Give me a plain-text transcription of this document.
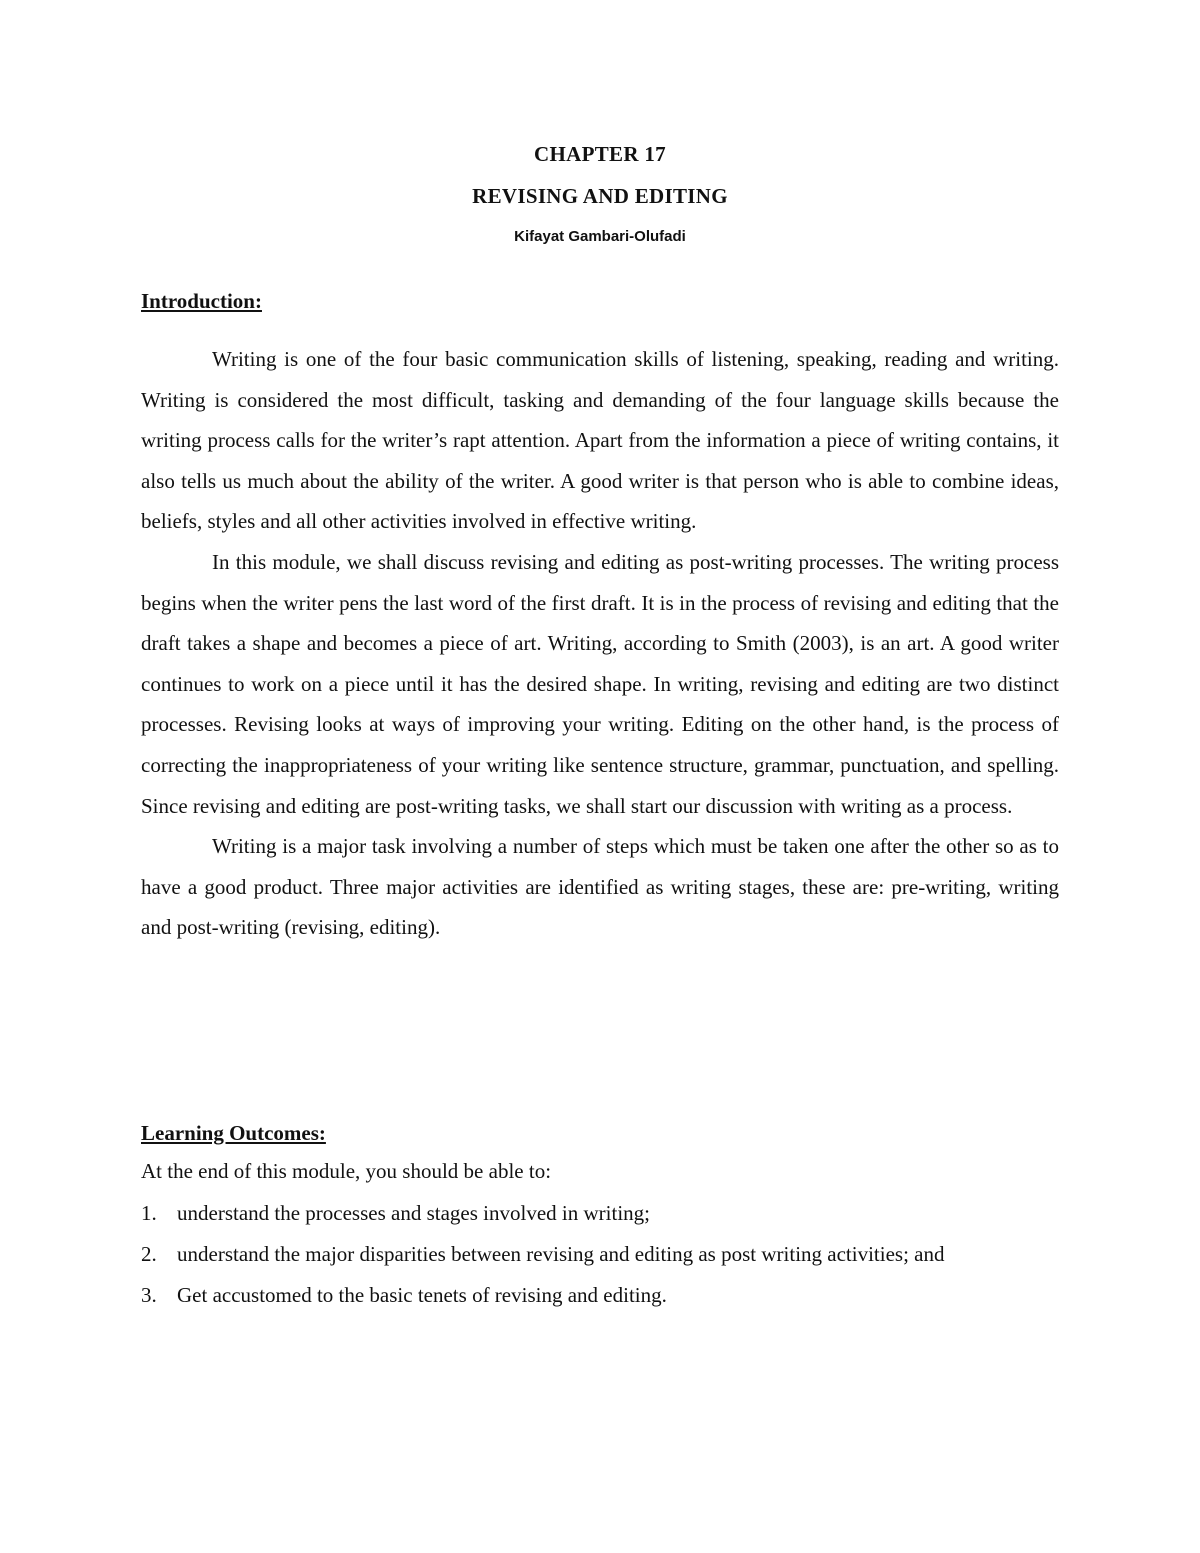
CHAPTER 17
REVISING AND EDITING
Kifayat Gambari-Olufadi
Introduction:

Writing is one of the four basic communication skills of listening, speaking, reading and writing. Writing is considered the most difficult, tasking and demanding of the four language skills because the writing process calls for the writer’s rapt attention. Apart from the information a piece of writing contains, it also tells us much about the ability of the writer. A good writer is that person who is able to combine ideas, beliefs, styles and all other activities involved in effective writing.

In this module, we shall discuss revising and editing as post-writing processes. The writing process begins when the writer pens the last word of the first draft. It is in the process of revising and editing that the draft takes a shape and becomes a piece of art. Writing, according to Smith (2003), is an art. A good writer continues to work on a piece until it has the desired shape. In writing, revising and editing are two distinct processes. Revising looks at ways of improving your writing. Editing on the other hand, is the process of correcting the inappropriateness of your writing like sentence structure, grammar, punctuation, and spelling. Since revising and editing are post-writing tasks, we shall start our discussion with writing as a process.

Writing is a major task involving a number of steps which must be taken one after the other so as to have a good product. Three major activities are identified as writing stages, these are: pre-writing, writing and post-writing (revising, editing).

Learning Outcomes:
At the end of this module, you should be able to:
1. understand the processes and stages involved in writing;
2. understand the major disparities between revising and editing as post writing activities; and
3. Get accustomed to the basic tenets of revising and editing.
